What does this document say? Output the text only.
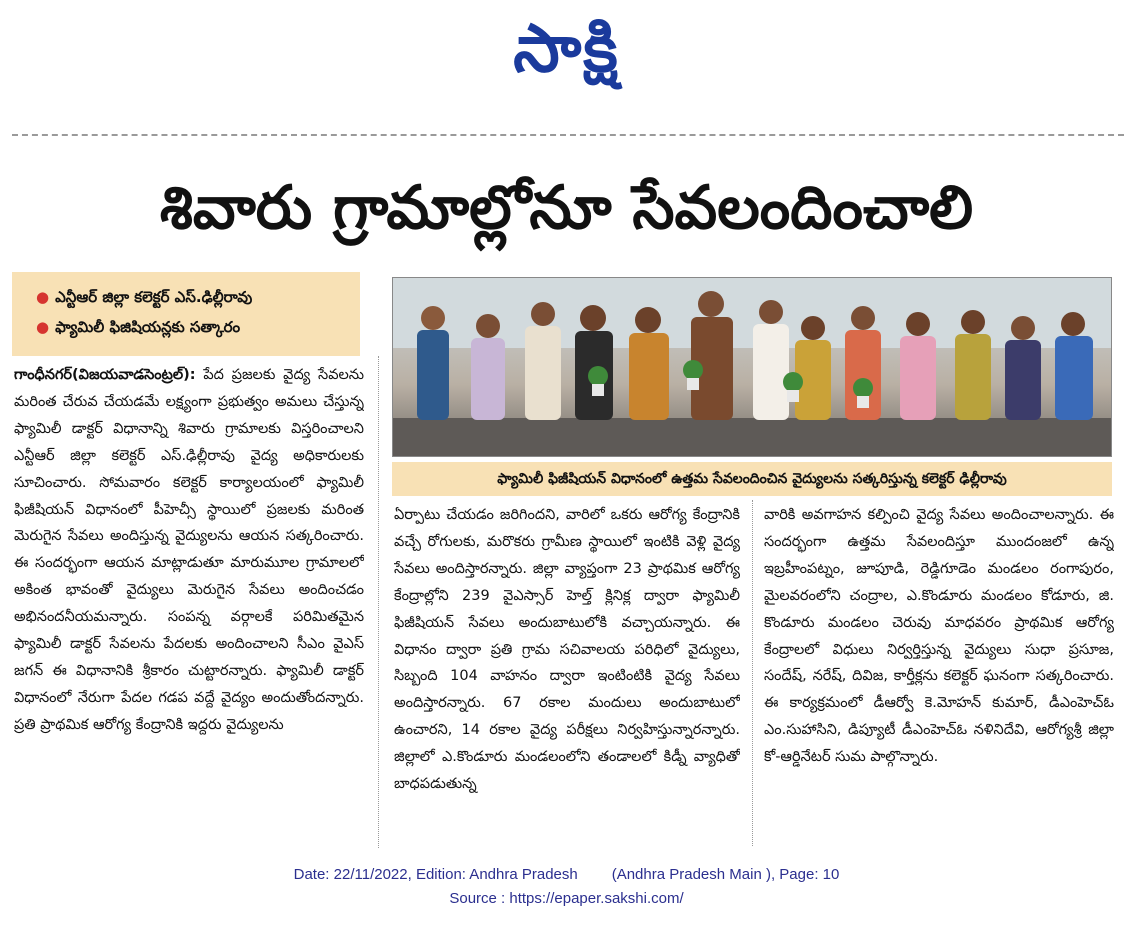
సాక్షి
శివారు గ్రామాల్లోనూ సేవలందించాలి
● ఎన్టీఆర్ జిల్లా కలెక్టర్ ఎస్.ఢిల్లీరావు
● ఫ్యామిలీ ఫిజిషియన్లకు సత్కారం
ఫ్యామిలీ ఫిజీషియన్ విధానంలో ఉత్తమ సేవలందించిన వైద్యులను సత్కరిస్తున్న కలెక్టర్ ఢిల్లీరావు
గాంధీనగర్(విజయవాడసెంట్రల్): పేద ప్రజలకు వైద్య సేవలను మరింత చేరువ చేయడమే లక్ష్యంగా ప్రభుత్వం అమలు చేస్తున్న ఫ్యామిలీ డాక్టర్ విధానాన్ని శివారు గ్రామాలకు విస్తరించాలని ఎన్టీఆర్ జిల్లా కలెక్టర్ ఎస్.ఢిల్లీరావు వైద్య అధికారులకు సూచించారు. సోమవారం కలెక్టర్ కార్యాలయంలో ఫ్యామిలీ ఫిజీషియన్ విధానంలో పీహెచ్సీ స్థాయిలో ప్రజలకు మరింత మెరుగైన సేవలు అందిస్తున్న వైద్యులను ఆయన సత్కరించారు. ఈ సందర్భంగా ఆయన మాట్లాడుతూ మారుమూల గ్రామాలలో అకింత భావంతో వైద్యులు మెరుగైన సేవలు అందించడం అభినందనీయమన్నారు. సంపన్న వర్గాలకే పరిమితమైన ఫ్యామిలీ డాక్టర్ సేవలను పేదలకు అందించాలని సీఎం వైఎస్ జగన్ ఈ విధానానికి శ్రీకారం చుట్టారన్నారు. ఫ్యామిలీ డాక్టర్ విధానంలో నేరుగా పేదల గడప వద్దే వైద్యం అందుతోందన్నారు. ప్రతి ప్రాథమిక ఆరోగ్య కేంద్రానికి ఇద్దరు వైద్యులను
ఏర్పాటు చేయడం జరిగిందని, వారిలో ఒకరు ఆరోగ్య కేంద్రానికి వచ్చే రోగులకు, మరొకరు గ్రామీణ స్థాయిలో ఇంటికి వెళ్లి వైద్య సేవలు అందిస్తారన్నారు. జిల్లా వ్యాప్తంగా 23 ప్రాథమిక ఆరోగ్య కేంద్రాల్లోని 239 వైఎస్సార్ హెల్త్ క్లినిక్ల ద్వారా ఫ్యామిలీ ఫిజీషియన్ సేవలు అందుబాటులోకి వచ్చాయన్నారు. ఈ విధానం ద్వారా ప్రతి గ్రామ సచివాలయ పరిధిలో వైద్యులు, సిబ్బంది 104 వాహనం ద్వారా ఇంటింటికి వైద్య సేవలు అందిస్తారన్నారు. 67 రకాల మందులు అందుబాటులో ఉంచారని, 14 రకాల వైద్య పరీక్షలు నిర్వహిస్తున్నారన్నారు. జిల్లాలో ఎ.కొండూరు మండలంలోని తండాలలో కిడ్నీ వ్యాధితో బాధపడుతున్న
వారికి అవగాహన కల్పించి వైద్య సేవలు అందించాలన్నారు. ఈ సందర్భంగా ఉత్తమ సేవలందిస్తూ ముందంజలో ఉన్న ఇబ్రహీంపట్నం, జూపూడి, రెడ్డిగూడెం మండలం రంగాపురం, మైలవరంలోని చంద్రాల, ఎ.కొండూరు మండలం కోడూరు, జి. కొండూరు మండలం చెరువు మాధవరం ప్రాథమిక ఆరోగ్య కేంద్రాలలో విధులు నిర్వర్తిస్తున్న వైద్యులు సుధా ప్రసూజ, సందేష్, నరేష్, దివిజ, కార్తీక్లను కలెక్టర్ ఘనంగా సత్కరించారు. ఈ కార్యక్రమంలో డీఆర్వో కె.మోహన్ కుమార్, డీఎంహెచ్ఓ ఎం.సుహాసిని, డిప్యూటీ డీఎంహెచ్ఓ నళినిదేవి, ఆరోగ్యశ్రీ జిల్లా కో-ఆర్డినేటర్ సుమ పాల్గొన్నారు.
Date: 22/11/2022, Edition: Andhra Pradesh (Andhra Pradesh Main ), Page: 10
Source : https://epaper.sakshi.com/
